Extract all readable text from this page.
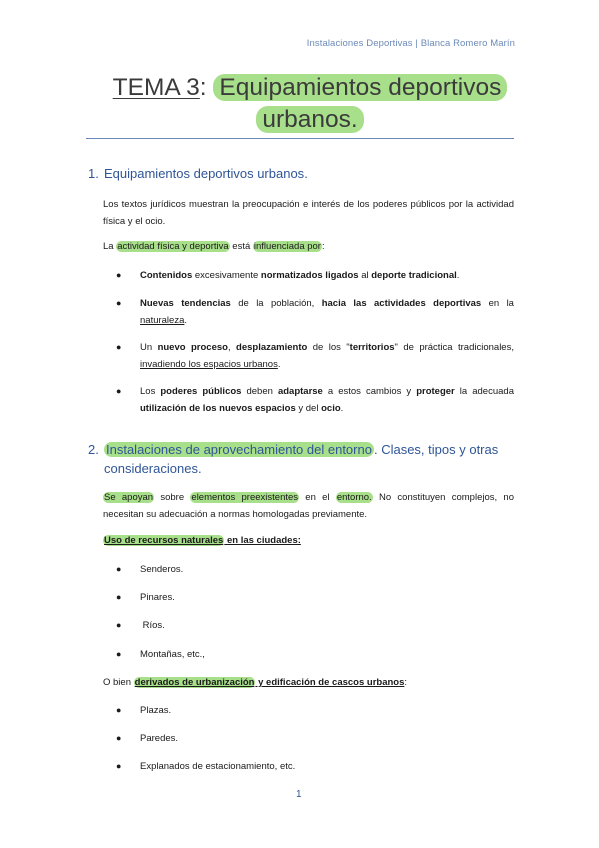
Instalaciones Deportivas | Blanca Romero Marín
TEMA 3: Equipamientos deportivos
urbanos.
1. Equipamientos deportivos urbanos.
Los textos jurídicos muestran la preocupación e interés de los poderes públicos por la actividad física y el ocio.
La actividad física y deportiva está influenciada por:
● Contenidos excesivamente normatizados ligados al deporte tradicional.
● Nuevas tendencias de la población, hacia las actividades deportivas en la naturaleza.
● Un nuevo proceso, desplazamiento de los "territorios" de práctica tradicionales, invadiendo los espacios urbanos.
● Los poderes públicos deben adaptarse a estos cambios y proteger la adecuada utilización de los nuevos espacios y del ocio.
2. Instalaciones de aprovechamiento del entorno . Clases, tipos y otras
consideraciones.
Se apoyan sobre elementos preexistentes en el entorno. No constituyen complejos, no necesitan su adecuación a normas homologadas previamente.
Uso de recursos naturales en las ciudades:
● Senderos.
● Pinares.
● Ríos.
● Montañas, etc.,
O bien derivados de urbanización y edificación de cascos urbanos:
● Plazas.
● Paredes.
● Explanados de estacionamiento, etc.
1
